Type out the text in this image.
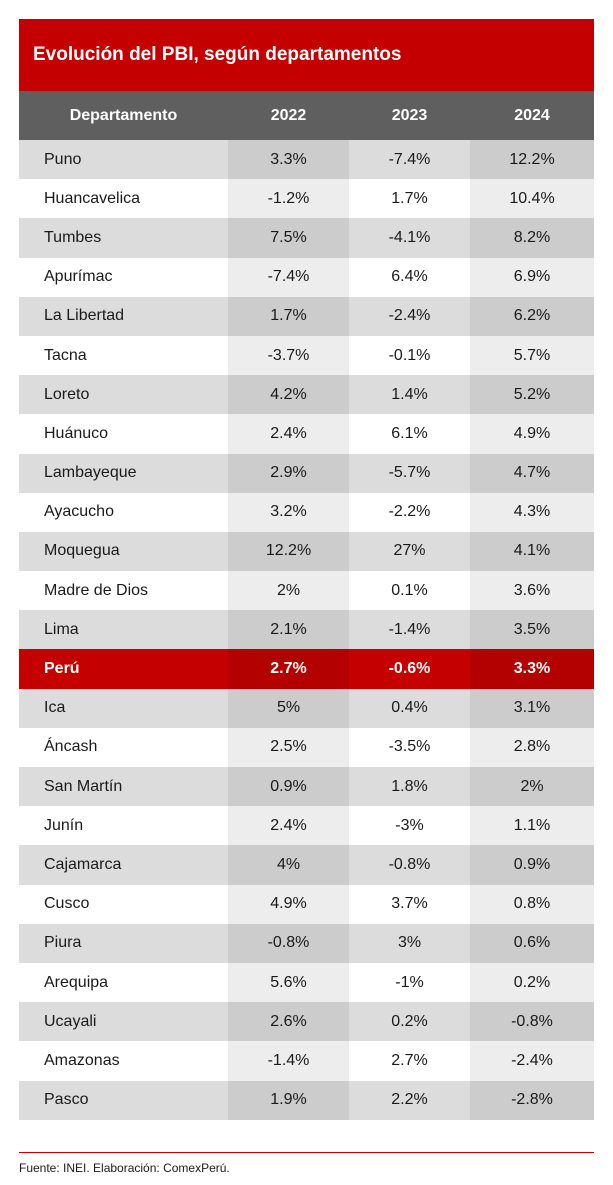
Evolución del PBI, según departamentos
Departamento	2022	2023	2024
Puno	3.3%	-7.4%	12.2%
Huancavelica	-1.2%	1.7%	10.4%
Tumbes	7.5%	-4.1%	8.2%
Apurímac	-7.4%	6.4%	6.9%
La Libertad	1.7%	-2.4%	6.2%
Tacna	-3.7%	-0.1%	5.7%
Loreto	4.2%	1.4%	5.2%
Huánuco	2.4%	6.1%	4.9%
Lambayeque	2.9%	-5.7%	4.7%
Ayacucho	3.2%	-2.2%	4.3%
Moquegua	12.2%	27%	4.1%
Madre de Dios	2%	0.1%	3.6%
Lima	2.1%	-1.4%	3.5%
Perú	2.7%	-0.6%	3.3%
Ica	5%	0.4%	3.1%
Áncash	2.5%	-3.5%	2.8%
San Martín	0.9%	1.8%	2%
Junín	2.4%	-3%	1.1%
Cajamarca	4%	-0.8%	0.9%
Cusco	4.9%	3.7%	0.8%
Piura	-0.8%	3%	0.6%
Arequipa	5.6%	-1%	0.2%
Ucayali	2.6%	0.2%	-0.8%
Amazonas	-1.4%	2.7%	-2.4%
Pasco	1.9%	2.2%	-2.8%
Fuente: INEI. Elaboración: ComexPerú.
